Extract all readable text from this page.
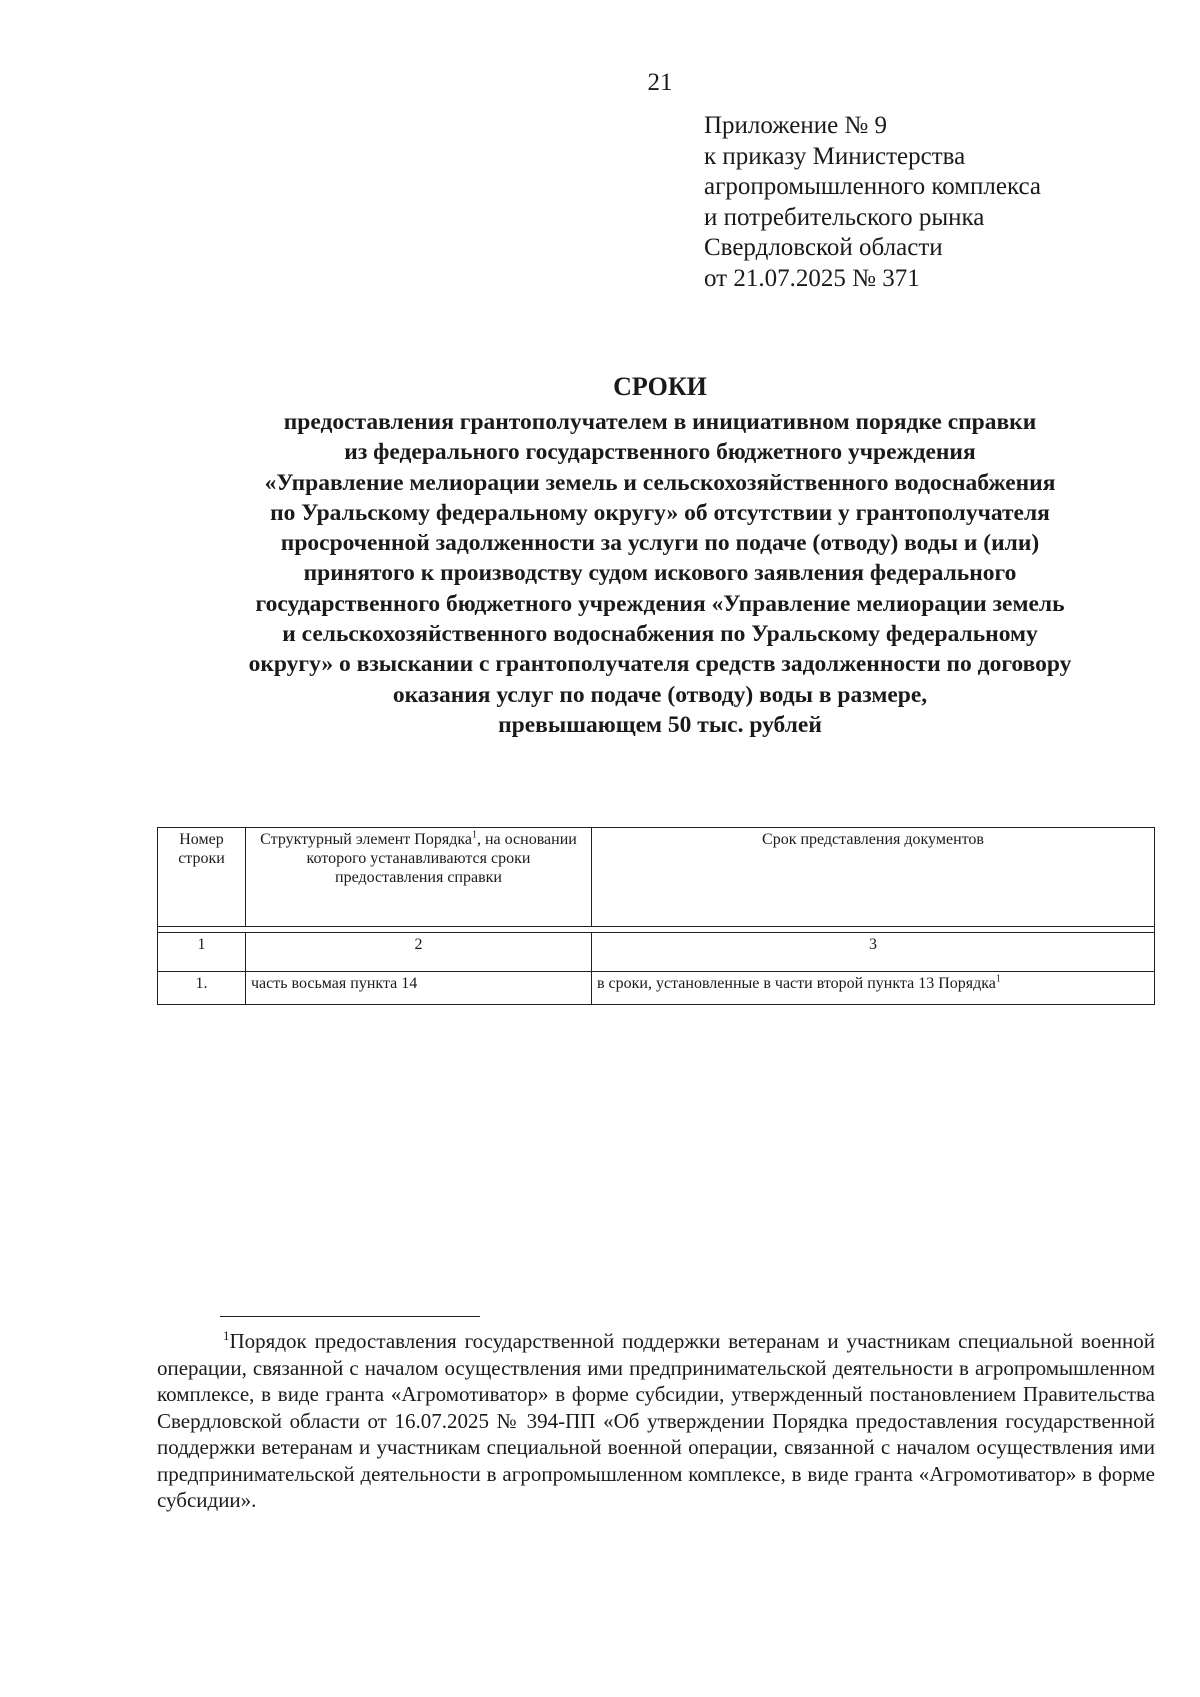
21
Приложение № 9
к приказу Министерства
агропромышленного комплекса
и потребительского рынка
Свердловской области
от 21.07.2025 № 371
СРОКИ
предоставления грантополучателем в инициативном порядке справки
из федерального государственного бюджетного учреждения
«Управление мелиорации земель и сельскохозяйственного водоснабжения
по Уральскому федеральному округу» об отсутствии у грантополучателя
просроченной задолженности за услуги по подаче (отводу) воды и (или)
принятого к производству судом искового заявления федерального
государственного бюджетного учреждения «Управление мелиорации земель
и сельскохозяйственного водоснабжения по Уральскому федеральному
округу» о взыскании с грантополучателя средств задолженности по договору
оказания услуг по подаче (отводу) воды в размере,
превышающем 50 тыс. рублей
Номер строки	Структурный элемент Порядка$^1$, на основании которого устанавливаются сроки предоставления справки	Срок представления документов

1	2	3
1.	часть восьмая пункта 14	в сроки, установленные в части второй пункта 13 Порядка$^1$
$^1$Порядок предоставления государственной поддержки ветеранам и участникам специальной военной операции, связанной с началом осуществления ими предпринимательской деятельности в агропромышленном комплексе, в виде гранта «Агромотиватор» в форме субсидии, утвержденный постановлением Правительства Свердловской области от 16.07.2025 № 394-ПП «Об утверждении Порядка предоставления государственной поддержки ветеранам и участникам специальной военной операции, связанной с началом осуществления ими предпринимательской деятельности в агропромышленном комплексе, в виде гранта «Агромотиватор» в форме субсидии».
